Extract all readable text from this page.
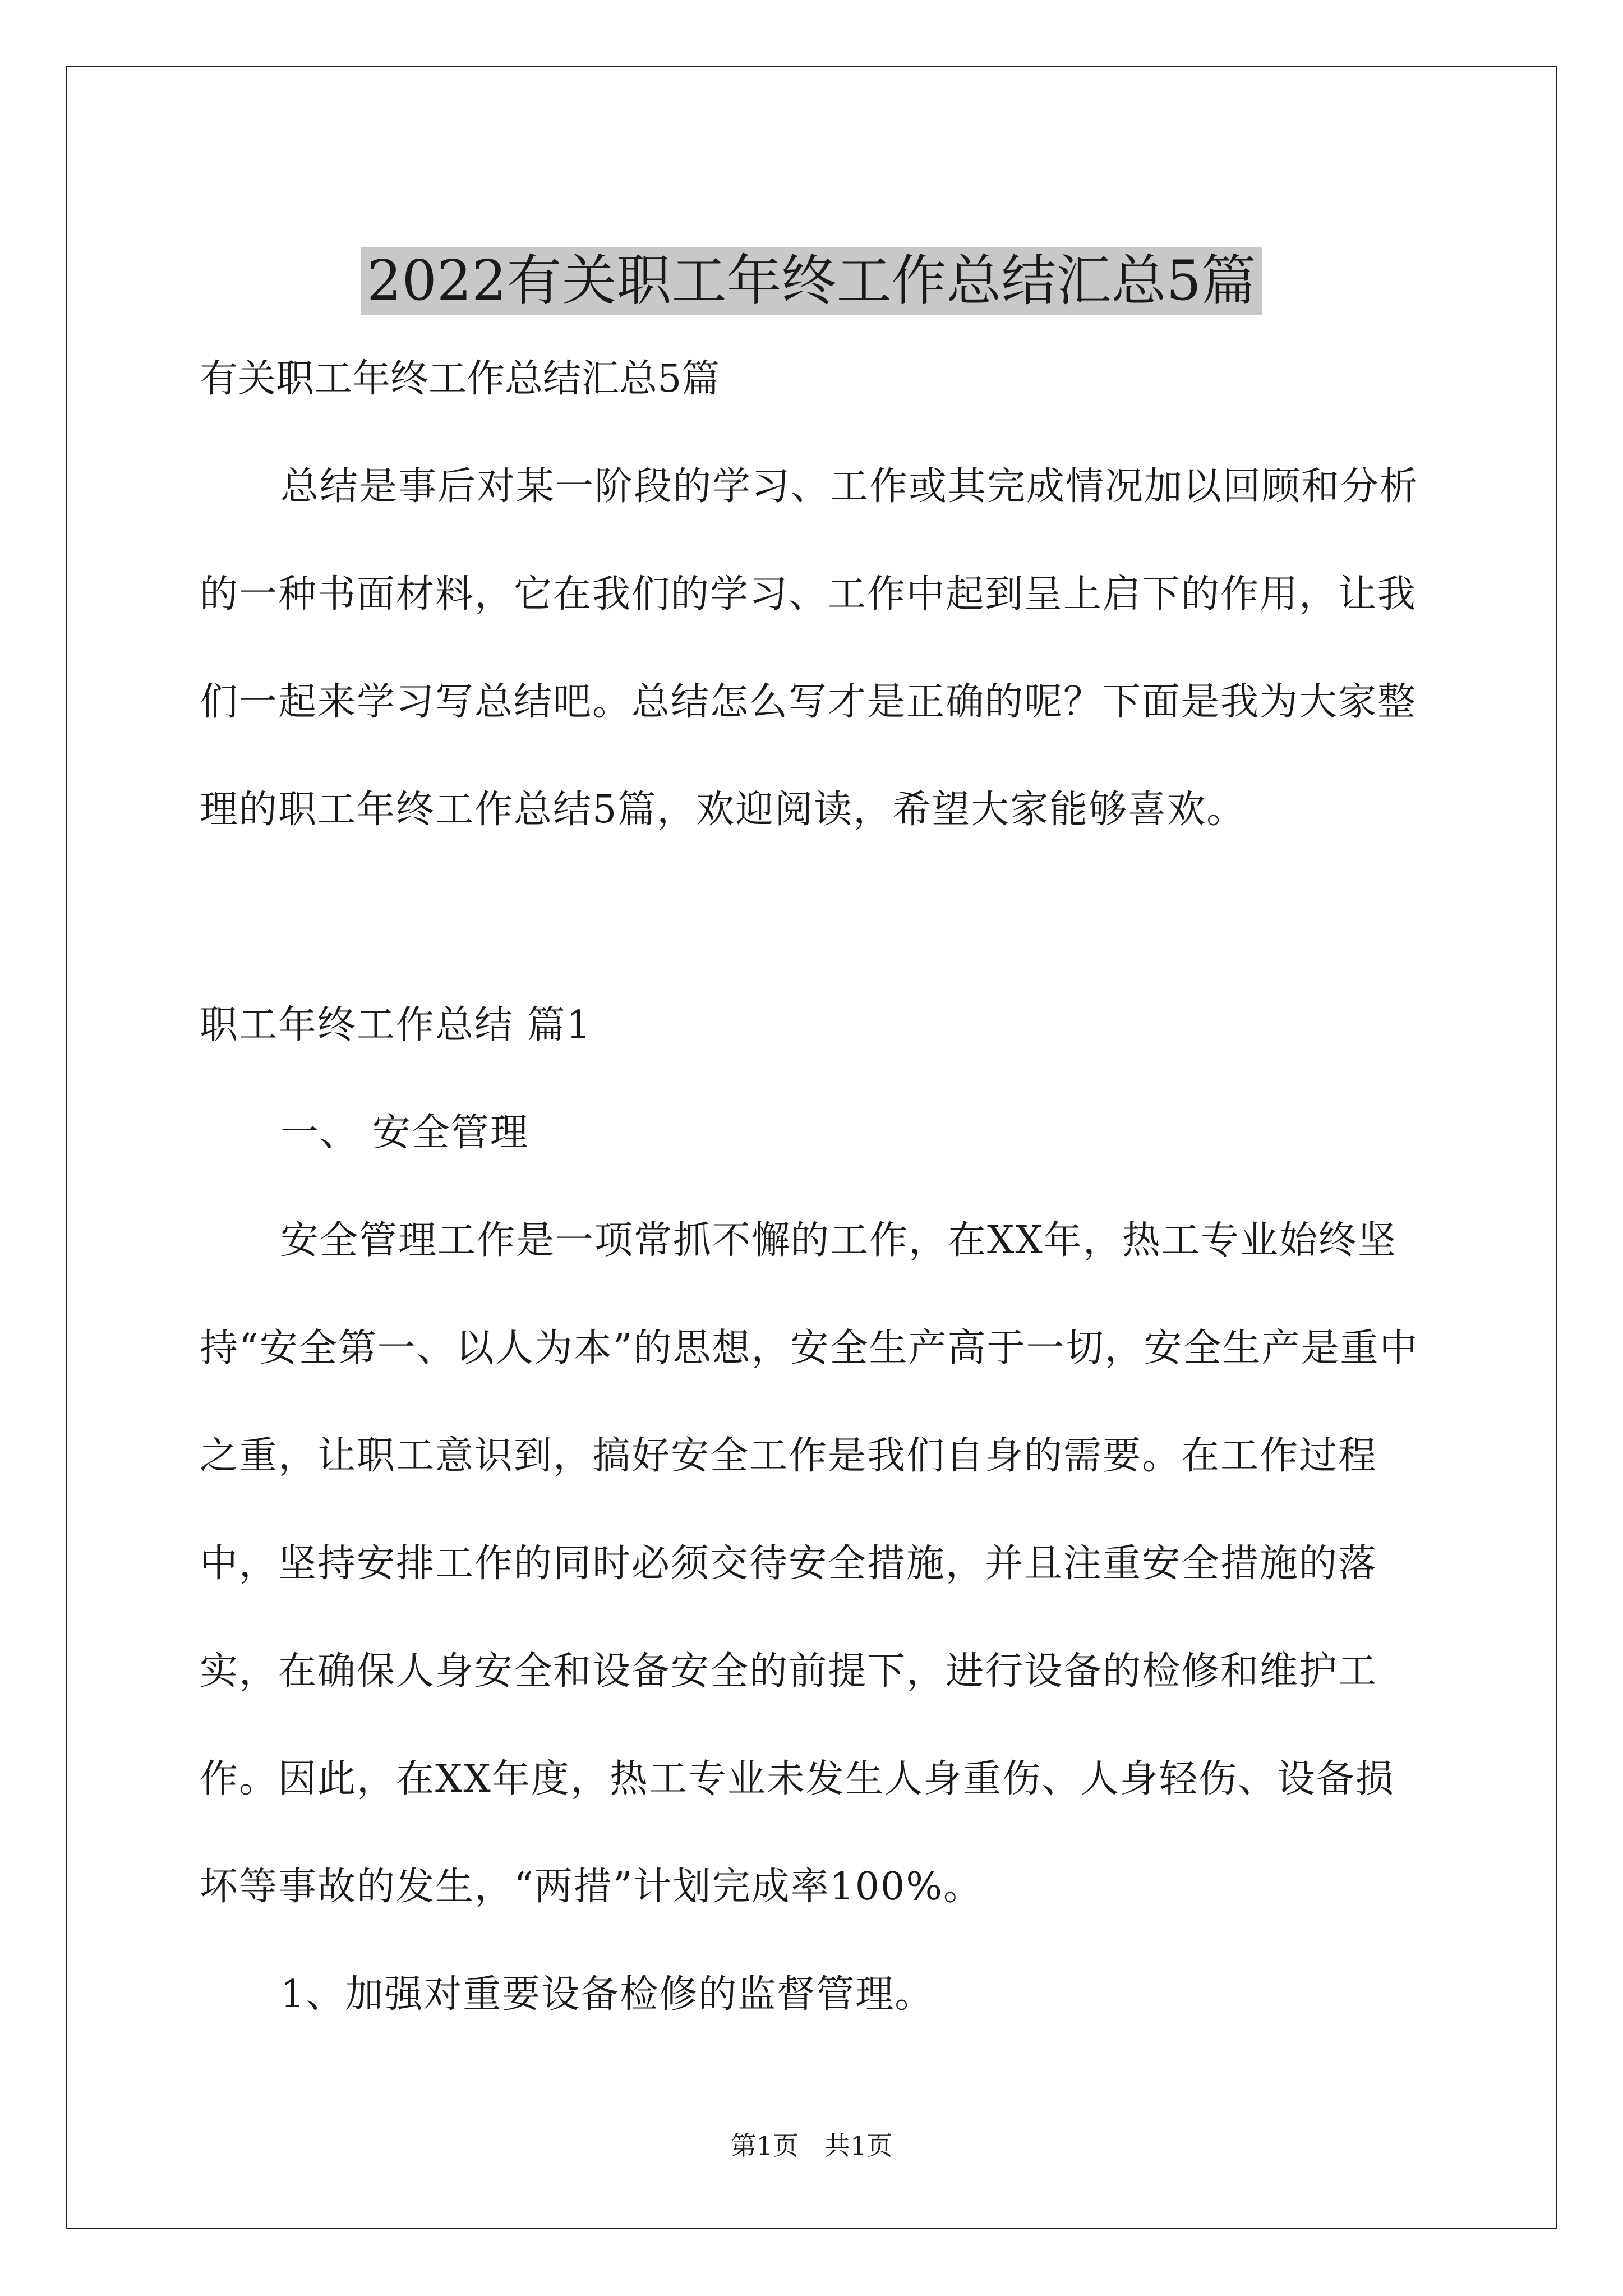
2022有关职工年终工作总结汇总5篇
有关职工年终工作总结汇总5篇

总结是事后对某一阶段的学习、工作或其完成情况加以回顾和分析的一种书面材料，它在我们的学习、工作中起到呈上启下的作用，让我们一起来学习写总结吧。总结怎么写才是正确的呢？下面是我为大家整理的职工年终工作总结5篇，欢迎阅读，希望大家能够喜欢。

职工年终工作总结 篇1

一、 安全管理

安全管理工作是一项常抓不懈的工作，在XX年，热工专业始终坚持“安全第一、以人为本”的思想，安全生产高于一切，安全生产是重中之重，让职工意识到，搞好安全工作是我们自身的需要。在工作过程中，坚持安排工作的同时必须交待安全措施，并且注重安全措施的落实，在确保人身安全和设备安全的前提下，进行设备的检修和维护工作。因此，在XX年度，热工专业未发生人身重伤、人身轻伤、设备损坏等事故的发生，“两措”计划完成率100%。

1、加强对重要设备检修的监督管理。

第1页　共1页
